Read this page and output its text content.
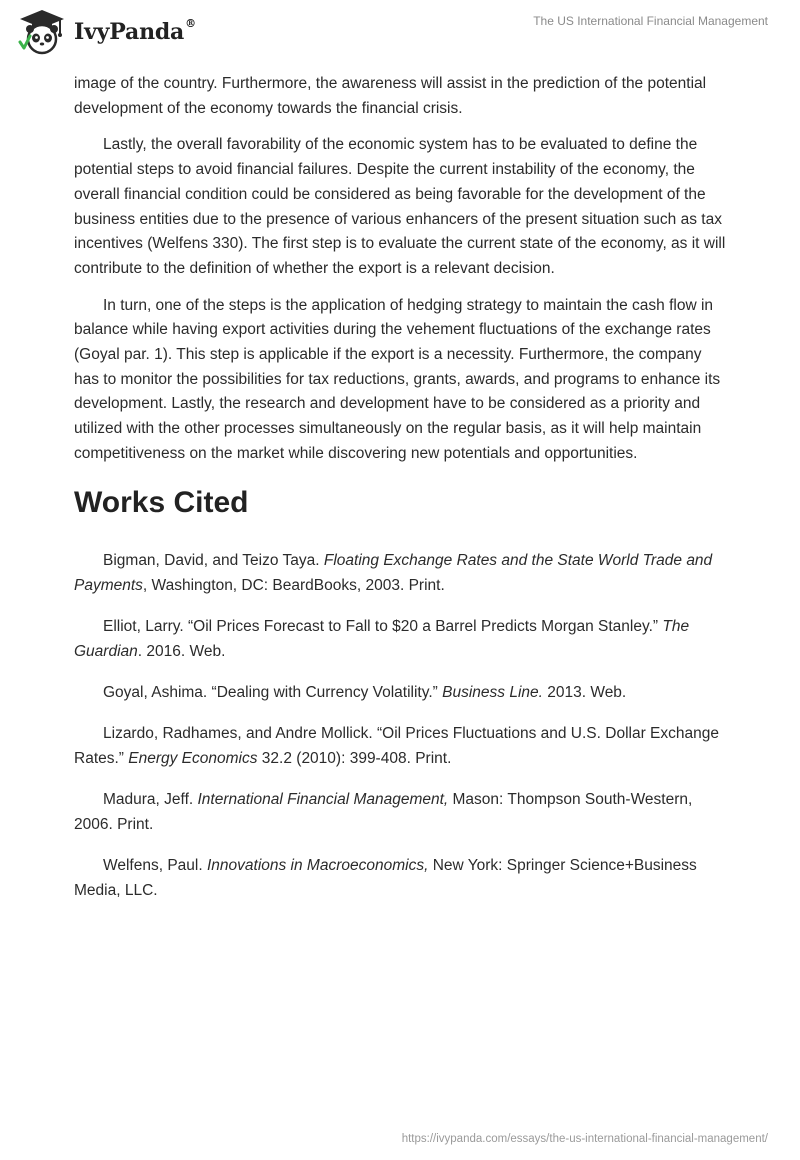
IvyPanda®	The US International Financial Management

image of the country. Furthermore, the awareness will assist in the prediction of the potential development of the economy towards the financial crisis.

Lastly, the overall favorability of the economic system has to be evaluated to define the potential steps to avoid financial failures. Despite the current instability of the economy, the overall financial condition could be considered as being favorable for the development of the business entities due to the presence of various enhancers of the present situation such as tax incentives (Welfens 330). The first step is to evaluate the current state of the economy, as it will contribute to the definition of whether the export is a relevant decision.

In turn, one of the steps is the application of hedging strategy to maintain the cash flow in balance while having export activities during the vehement fluctuations of the exchange rates (Goyal par. 1). This step is applicable if the export is a necessity. Furthermore, the company has to monitor the possibilities for tax reductions, grants, awards, and programs to enhance its development. Lastly, the research and development have to be considered as a priority and utilized with the other processes simultaneously on the regular basis, as it will help maintain competitiveness on the market while discovering new potentials and opportunities.

Works Cited

Bigman, David, and Teizo Taya. Floating Exchange Rates and the State World Trade and Payments, Washington, DC: BeardBooks, 2003. Print.

Elliot, Larry. “Oil Prices Forecast to Fall to $20 a Barrel Predicts Morgan Stanley.” The Guardian. 2016. Web.

Goyal, Ashima. “Dealing with Currency Volatility.” Business Line. 2013. Web.

Lizardo, Radhames, and Andre Mollick. “Oil Prices Fluctuations and U.S. Dollar Exchange Rates.” Energy Economics 32.2 (2010): 399-408. Print.

Madura, Jeff. International Financial Management, Mason: Thompson South-Western, 2006. Print.

Welfens, Paul. Innovations in Macroeconomics, New York: Springer Science+Business Media, LLC.

https://ivypanda.com/essays/the-us-international-financial-management/
